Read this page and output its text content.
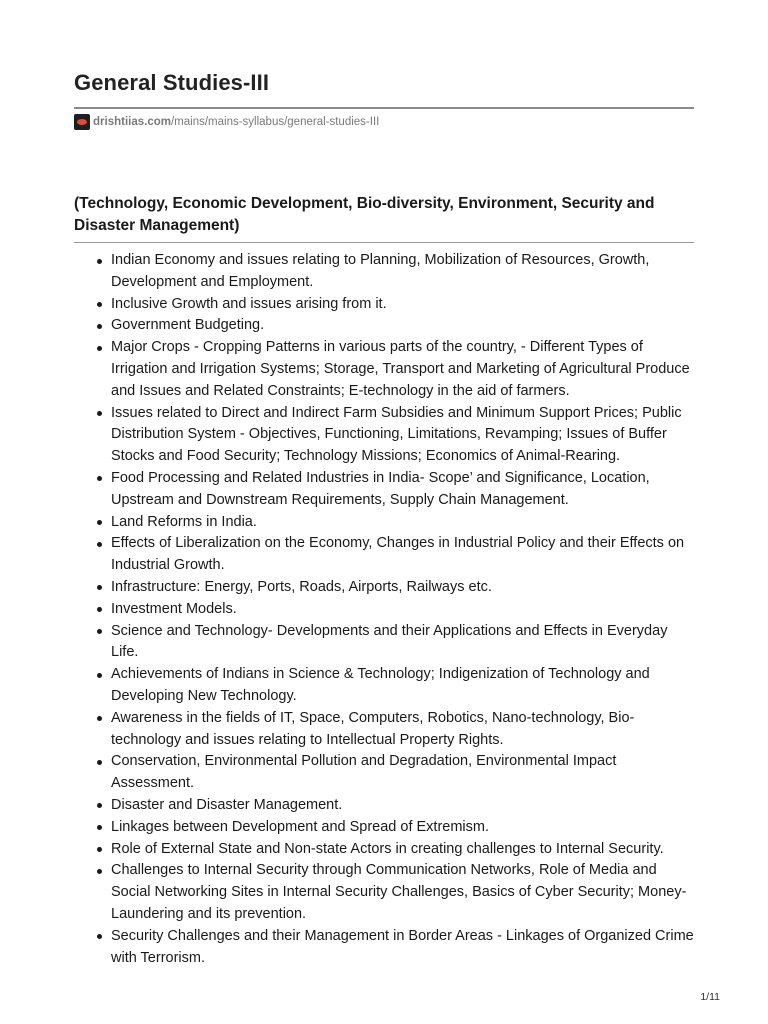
General Studies-III
drishtiias.com /mains/mains-syllabus/general-studies-III
(Technology, Economic Development, Bio-diversity, Environment, Security and Disaster Management)
Indian Economy and issues relating to Planning, Mobilization of Resources, Growth, Development and Employment.
Inclusive Growth and issues arising from it.
Government Budgeting.
Major Crops - Cropping Patterns in various parts of the country, - Different Types of Irrigation and Irrigation Systems; Storage, Transport and Marketing of Agricultural Produce and Issues and Related Constraints; E-technology in the aid of farmers.
Issues related to Direct and Indirect Farm Subsidies and Minimum Support Prices; Public Distribution System - Objectives, Functioning, Limitations, Revamping; Issues of Buffer Stocks and Food Security; Technology Missions; Economics of Animal-Rearing.
Food Processing and Related Industries in India- Scope’ and Significance, Location, Upstream and Downstream Requirements, Supply Chain Management.
Land Reforms in India.
Effects of Liberalization on the Economy, Changes in Industrial Policy and their Effects on Industrial Growth.
Infrastructure: Energy, Ports, Roads, Airports, Railways etc.
Investment Models.
Science and Technology- Developments and their Applications and Effects in Everyday Life.
Achievements of Indians in Science & Technology; Indigenization of Technology and Developing New Technology.
Awareness in the fields of IT, Space, Computers, Robotics, Nano-technology, Bio-technology and issues relating to Intellectual Property Rights.
Conservation, Environmental Pollution and Degradation, Environmental Impact Assessment.
Disaster and Disaster Management.
Linkages between Development and Spread of Extremism.
Role of External State and Non-state Actors in creating challenges to Internal Security.
Challenges to Internal Security through Communication Networks, Role of Media and Social Networking Sites in Internal Security Challenges, Basics of Cyber Security; Money-Laundering and its prevention.
Security Challenges and their Management in Border Areas - Linkages of Organized Crime with Terrorism.
1/11
